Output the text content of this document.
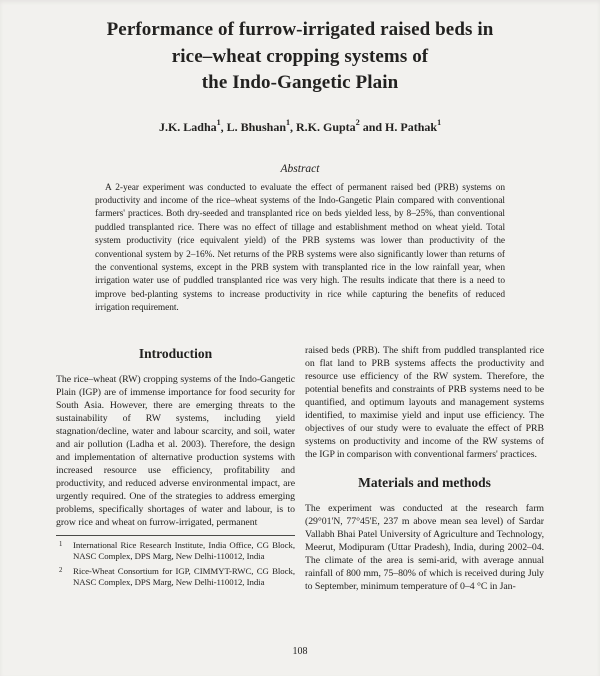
Performance of furrow-irrigated raised beds in
rice–wheat cropping systems of
the Indo-Gangetic Plain
J.K. Ladha$^1$, L. Bhushan$^1$, R.K. Gupta$^2$ and H. Pathak$^1$
Abstract

A 2-year experiment was conducted to evaluate the effect of permanent raised bed (PRB) systems on productivity and income of the rice–wheat systems of the Indo-Gangetic Plain compared with conventional farmers' practices. Both dry-seeded and transplanted rice on beds yielded less, by 8–25%, than conventional puddled transplanted rice. There was no effect of tillage and establishment method on wheat yield. Total system productivity (rice equivalent yield) of the PRB systems was lower than productivity of the conventional system by 2–16%. Net returns of the PRB systems were also significantly lower than returns of the conventional systems, except in the PRB system with transplanted rice in the low rainfall year, when irrigation water use of puddled transplanted rice was very high. The results indicate that there is a need to improve bed-planting systems to increase productivity in rice while capturing the benefits of reduced irrigation requirement.

Introduction

The rice–wheat (RW) cropping systems of the Indo-Gangetic Plain (IGP) are of immense importance for food security for South Asia. However, there are emerging threats to the sustainability of RW systems, including yield stagnation/decline, water and labour scarcity, and soil, water and air pollution (Ladha et al. 2003). Therefore, the design and implementation of alternative production systems with increased resource use efficiency, profitability and productivity, and reduced adverse environmental impact, are urgently required. One of the strategies to address emerging problems, specifically shortages of water and labour, is to grow rice and wheat on furrow-irrigated, permanent

1	International Rice Research Institute, India Office, CG Block, NASC Complex, DPS Marg, New Delhi-110012, India
2	Rice-Wheat Consortium for IGP, CIMMYT-RWC, CG Block, NASC Complex, DPS Marg, New Delhi-110012, India

raised beds (PRB). The shift from puddled transplanted rice on flat land to PRB systems affects the productivity and resource use efficiency of the RW system. Therefore, the potential benefits and constraints of PRB systems need to be quantified, and optimum layouts and management systems identified, to maximise yield and input use efficiency. The objectives of our study were to evaluate the effect of PRB systems on productivity and income of the RW systems of the IGP in comparison with conventional farmers' practices.

Materials and methods

The experiment was conducted at the research farm (29°01'N, 77°45'E, 237 m above mean sea level) of Sardar Vallabh Bhai Patel University of Agriculture and Technology, Meerut, Modipuram (Uttar Pradesh), India, during 2002–04. The climate of the area is semi-arid, with average annual rainfall of 800 mm, 75–80% of which is received during July to September, minimum temperature of 0–4 °C in Jan-

108
